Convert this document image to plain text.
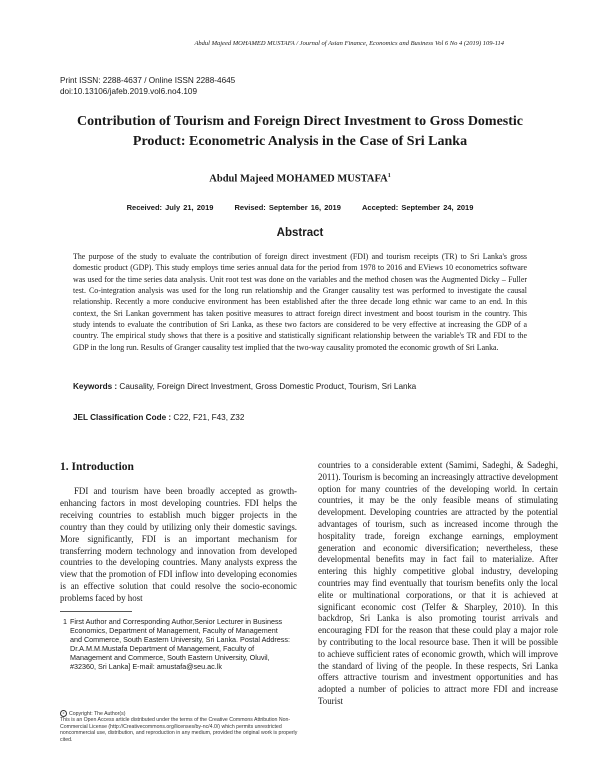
Abdul Majeed MOHAMED MUSTAFA / Journal of Asian Finance, Economics and Business Vol 6 No 4 (2019) 109-114
Print ISSN: 2288-4637 / Online ISSN 2288-4645
doi:10.13106/jafeb.2019.vol6.no4.109
Contribution of Tourism and Foreign Direct Investment to Gross Domestic Product: Econometric Analysis in the Case of Sri Lanka
Abdul Majeed MOHAMED MUSTAFA$^1$
Received: July 21, 2019	Revised: September 16, 2019	Accepted: September 24, 2019
Abstract

The purpose of the study to evaluate the contribution of foreign direct investment (FDI) and tourism receipts (TR) to Sri Lanka's gross domestic product (GDP). This study employs time series annual data for the period from 1978 to 2016 and EViews 10 econometrics software was used for the time series data analysis. Unit root test was done on the variables and the method chosen was the Augmented Dicky – Fuller test. Co-integration analysis was used for the long run relationship and the Granger causality test was performed to investigate the causal relationship. Recently a more conducive environment has been established after the three decade long ethnic war came to an end. In this context, the Sri Lankan government has taken positive measures to attract foreign direct investment and boost tourism in the country. This study intends to evaluate the contribution of Sri Lanka, as these two factors are considered to be very effective at increasing the GDP of a country. The empirical study shows that there is a positive and statistically significant relationship between the variable's TR and FDI to the GDP in the long run. Results of Granger causality test implied that the two-way causality promoted the economic growth of Sri Lanka.

Keywords : Causality, Foreign Direct Investment, Gross Domestic Product, Tourism, Sri Lanka
JEL Classification Code : C22, F21, F43, Z32
1. Introduction

FDI and tourism have been broadly accepted as growth-enhancing factors in most developing countries. FDI helps the receiving countries to establish much bigger projects in the country than they could by utilizing only their domestic savings. More significantly, FDI is an important mechanism for transferring modern technology and innovation from developed countries to the developing countries. Many analysts express the view that the promotion of FDI inflow into developing economies is an effective solution that could resolve the socio-economic problems faced by host

countries to a considerable extent (Samimi, Sadeghi, & Sadeghi, 2011). Tourism is becoming an increasingly attractive development option for many countries of the developing world. In certain countries, it may be the only feasible means of stimulating development. Developing countries are attracted by the potential advantages of tourism, such as increased income through the hospitality trade, foreign exchange earnings, employment generation and economic diversification; nevertheless, these developmental benefits may in fact fail to materialize. After entering this highly competitive global industry, developing countries may find eventually that tourism benefits only the local elite or multinational corporations, or that it is achieved at significant economic cost (Telfer & Sharpley, 2010). In this backdrop, Sri Lanka is also promoting tourist arrivals and encouraging FDI for the reason that these could play a major role by contributing to the local resource base. Then it will be possible to achieve sufficient rates of economic growth, which will improve the standard of living of the people. In these respects, Sri Lanka offers attractive tourism and investment opportunities and has adopted a number of policies to attract more FDI and increase Tourist

1 First Author and Corresponding Author,Senior Lecturer in Business Economics, Department of Management, Faculty of Management and Commerce, South Eastern University, Sri Lanka. Postal Address: Dr.A.M.M.Mustafa Department of Management, Faculty of Management and Commerce, South Eastern University, Oluvil, #32360, Sri Lanka] E-mail: amustafa@seu.ac.lk
c Copyright: The Author(s)
This is an Open Access article distributed under the terms of the Creative Commons Attribution Non-Commercial License (http://Creativecommons.org/licenses/by-nc/4.0/) which permits unrestricted noncommercial use, distribution, and reproduction in any medium, provided the original work is properly cited.
